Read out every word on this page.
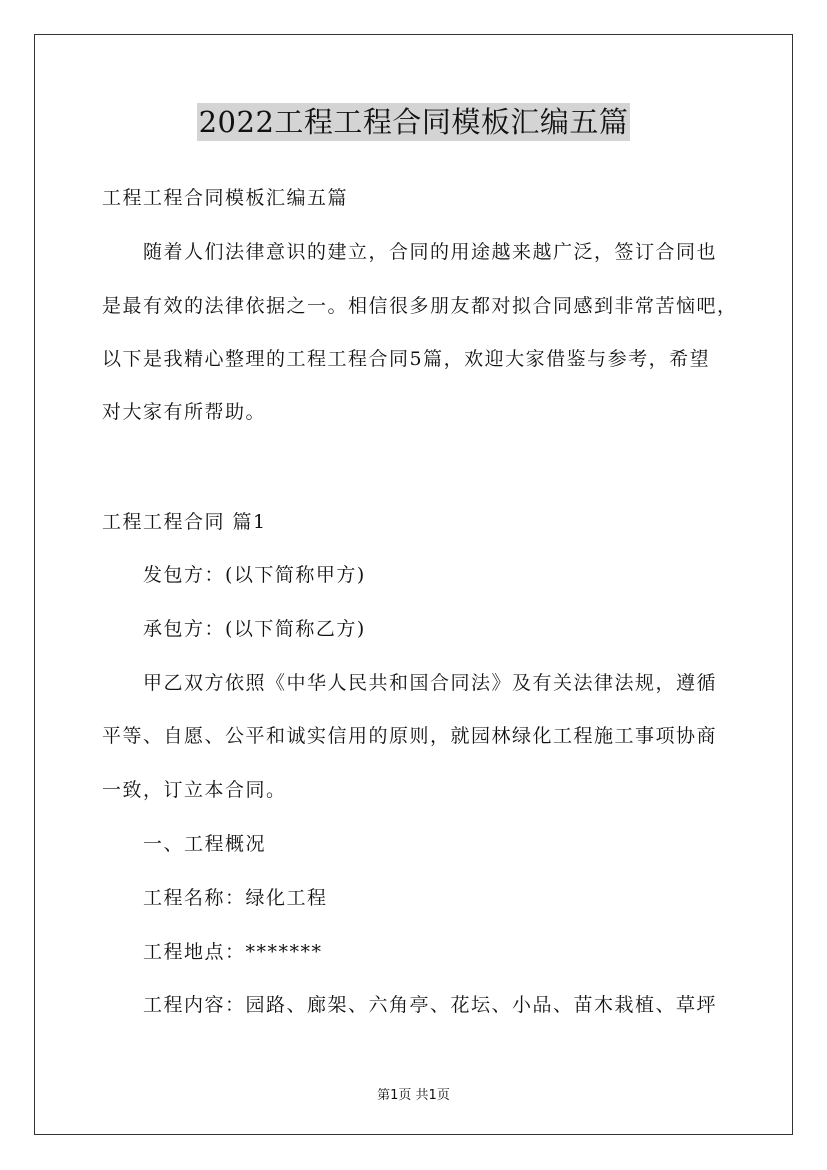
2022工程工程合同模板汇编五篇
工程工程合同模板汇编五篇
随着人们法律意识的建立，合同的用途越来越广泛，签订合同也
是最有效的法律依据之一。相信很多朋友都对拟合同感到非常苦恼吧，
以下是我精心整理的工程工程合同5篇，欢迎大家借鉴与参考，希望
对大家有所帮助。
工程工程合同 篇1
发包方：(以下简称甲方)
承包方：(以下简称乙方)
甲乙双方依照《中华人民共和国合同法》及有关法律法规，遵循
平等、自愿、公平和诚实信用的原则，就园林绿化工程施工事项协商
一致，订立本合同。
一、工程概况
工程名称：绿化工程
工程地点：*******
工程内容：园路、廊架、六角亭、花坛、小品、苗木栽植、草坪
第1页 共1页
